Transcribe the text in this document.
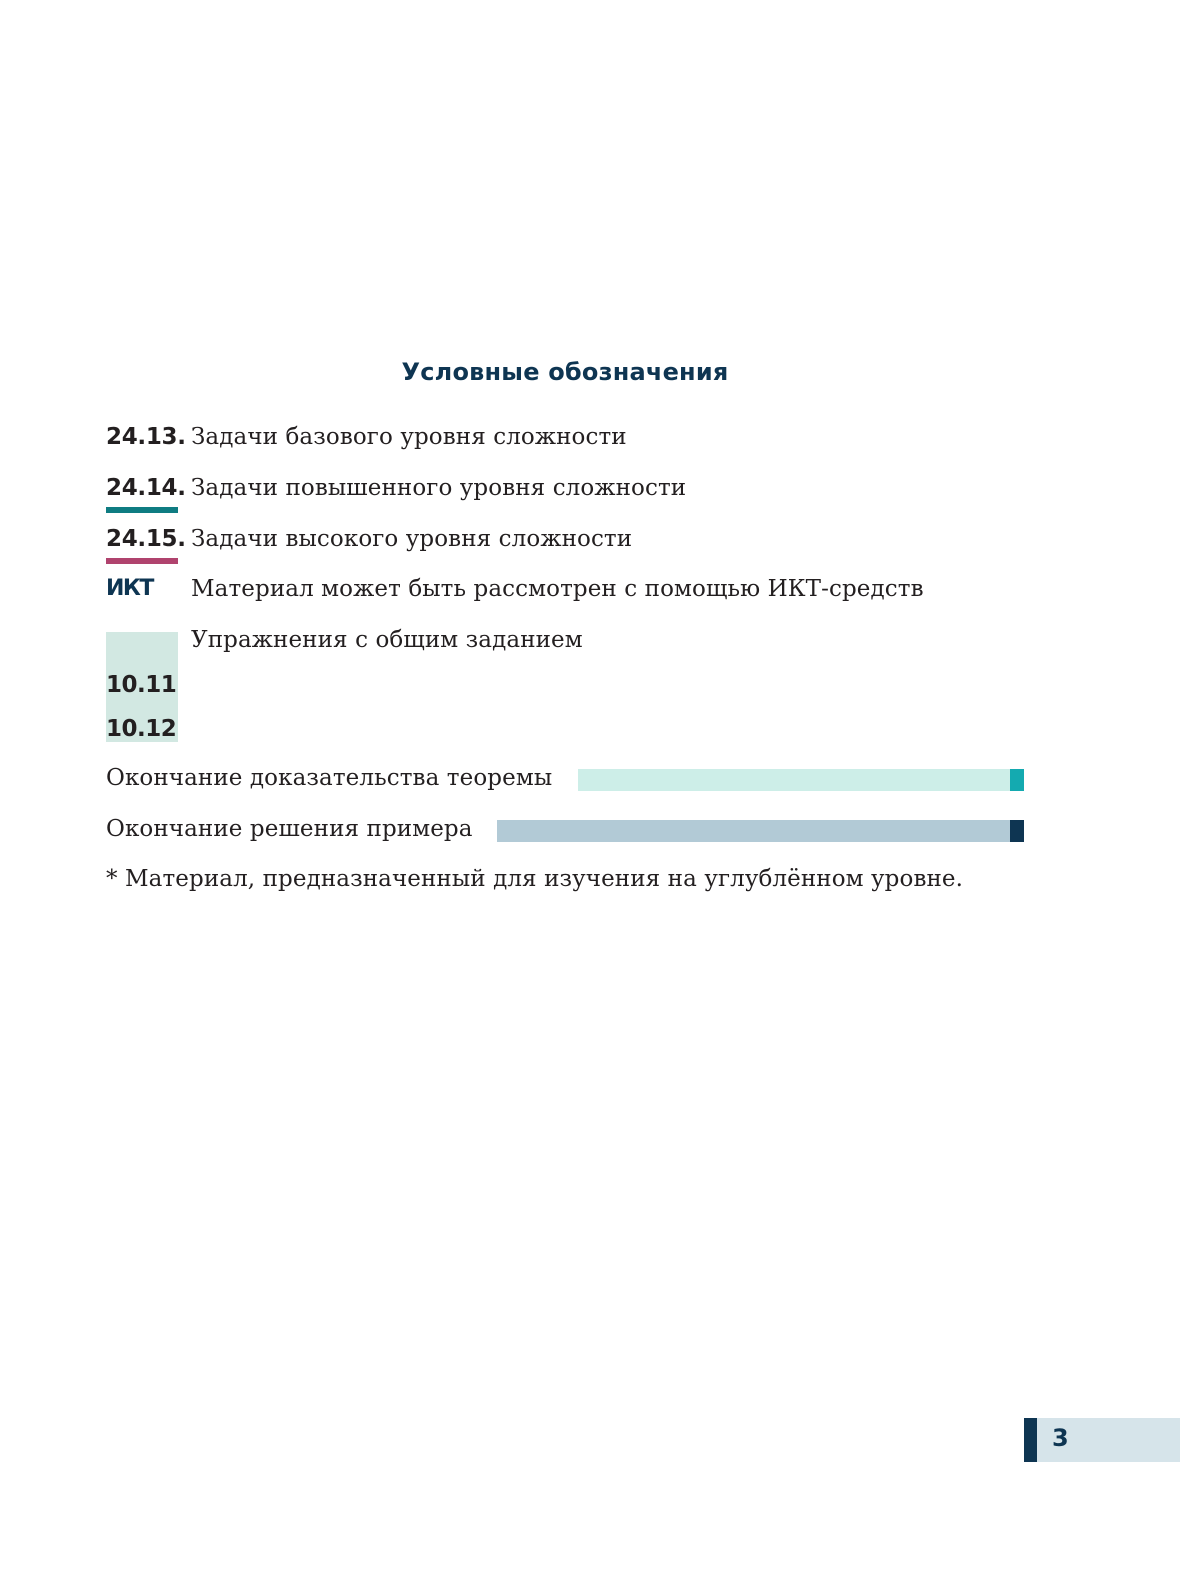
Условные обозначения
24.13. Задачи базового уровня сложности
24.14. Задачи повышенного уровня сложности
24.15. Задачи высокого уровня сложности
ИКТ Материал может быть рассмотрен с помощью ИКТ-средств
10.11
10.12
Упражнения с общим заданием
Окончание доказательства теоремы
Окончание решения примера
* Материал, предназначенный для изучения на углублённом уровне.
3
